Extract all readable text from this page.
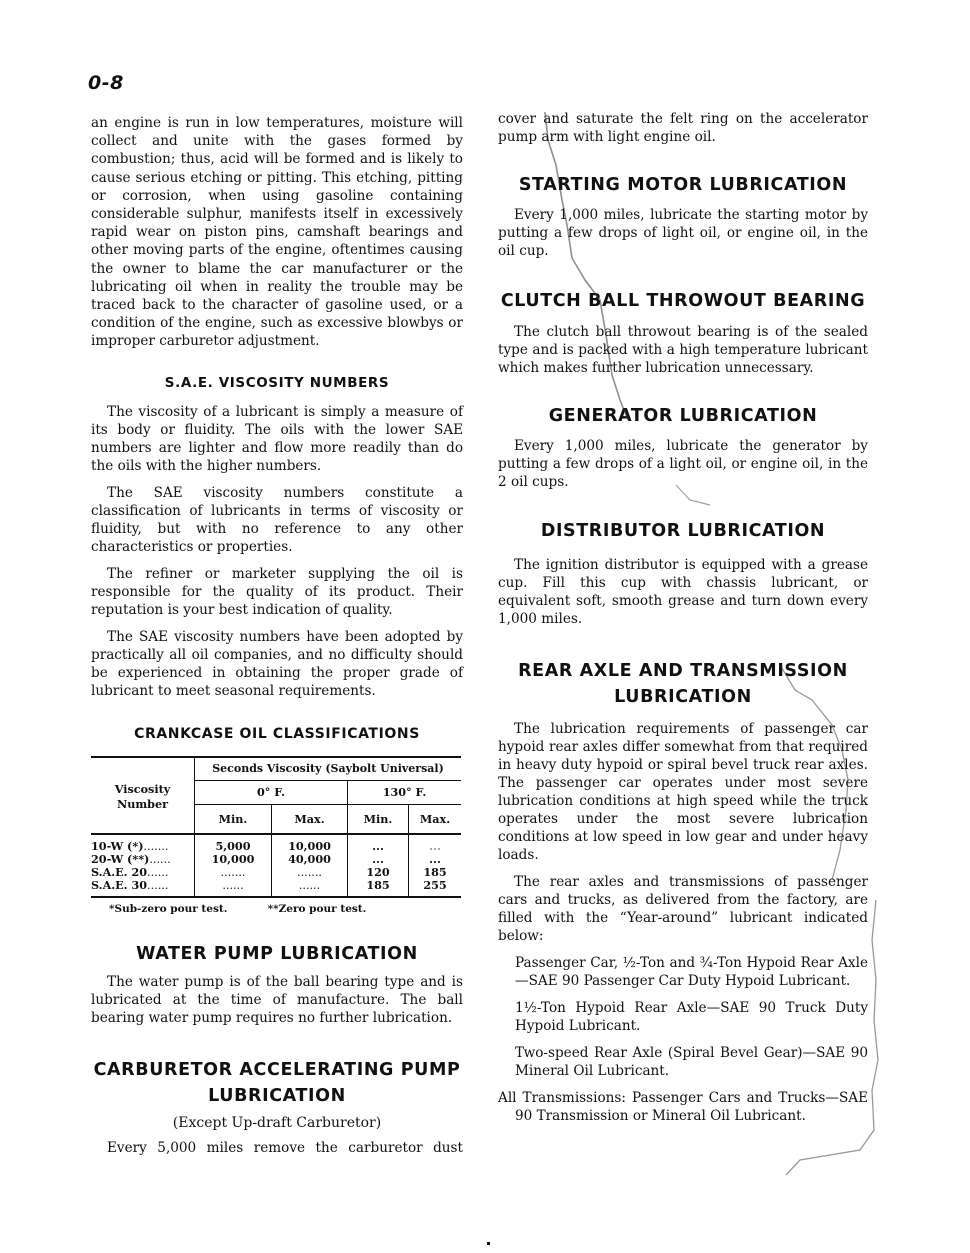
0-8

an engine is run in low temperatures, moisture will collect and unite with the gases formed by combustion; thus, acid will be formed and is likely to cause serious etching or pitting. This etching, pitting or corrosion, when using gasoline containing considerable sulphur, manifests itself in excessively rapid wear on piston pins, camshaft bearings and other moving parts of the engine, oftentimes causing the owner to blame the car manufacturer or the lubricating oil when in reality the trouble may be traced back to the character of gasoline used, or a condition of the engine, such as excessive blowbys or improper carburetor adjustment.

S.A.E. VISCOSITY NUMBERS

The viscosity of a lubricant is simply a measure of its body or fluidity. The oils with the lower SAE numbers are lighter and flow more readily than do the oils with the higher numbers.

The SAE viscosity numbers constitute a classification of lubricants in terms of viscosity or fluidity, but with no reference to any other characteristics or properties.

The refiner or marketer supplying the oil is responsible for the quality of its product. Their reputation is your best indication of quality.

The SAE viscosity numbers have been adopted by practically all oil companies, and no difficulty should be experienced in obtaining the proper grade of lubricant to meet seasonal requirements.

CRANKCASE OIL CLASSIFICATIONS
Viscosity Number	Seconds Viscosity (Saybolt Universal)			
	0° F.		130° F.	
	Min.	Max.	Min.	Max.
10-W (*).......	5,000	10,000	...	...
20-W (**)......	10,000	40,000	...	...
S.A.E. 20......	.......	.......	120	185
S.A.E. 30......	......	......	185	255
*Sub-zero pour test.	**Zero pour test.
WATER PUMP LUBRICATION

The water pump is of the ball bearing type and is lubricated at the time of manufacture. The ball bearing water pump requires no further lubrication.

CARBURETOR ACCELERATING PUMP
LUBRICATION
(Except Up-draft Carburetor)

Every 5,000 miles remove the carburetor dust

cover and saturate the felt ring on the accelerator pump arm with light engine oil.

STARTING MOTOR LUBRICATION

Every 1,000 miles, lubricate the starting motor by putting a few drops of light oil, or engine oil, in the oil cup.

CLUTCH BALL THROWOUT BEARING

The clutch ball throwout bearing is of the sealed type and is packed with a high temperature lubricant which makes further lubrication unnecessary.

GENERATOR LUBRICATION

Every 1,000 miles, lubricate the generator by putting a few drops of a light oil, or engine oil, in the 2 oil cups.

DISTRIBUTOR LUBRICATION

The ignition distributor is equipped with a grease cup. Fill this cup with chassis lubricant, or equivalent soft, smooth grease and turn down every 1,000 miles.

REAR AXLE AND TRANSMISSION
LUBRICATION

The lubrication requirements of passenger car hypoid rear axles differ somewhat from that required in heavy duty hypoid or spiral bevel truck rear axles. The passenger car operates under most severe lubrication conditions at high speed while the truck operates under the most severe lubrication conditions at low speed in low gear and under heavy loads.

The rear axles and transmissions of passenger cars and trucks, as delivered from the factory, are filled with the “Year-around” lubricant indicated below:

Passenger Car, ½-Ton and ¾-Ton Hypoid Rear Axle—SAE 90 Passenger Car Duty Hypoid Lubricant.

1½-Ton Hypoid Rear Axle—SAE 90 Truck Duty Hypoid Lubricant.

Two-speed Rear Axle (Spiral Bevel Gear)—SAE 90 Mineral Oil Lubricant.

All Transmissions: Passenger Cars and Trucks—SAE 90 Transmission or Mineral Oil Lubricant.
